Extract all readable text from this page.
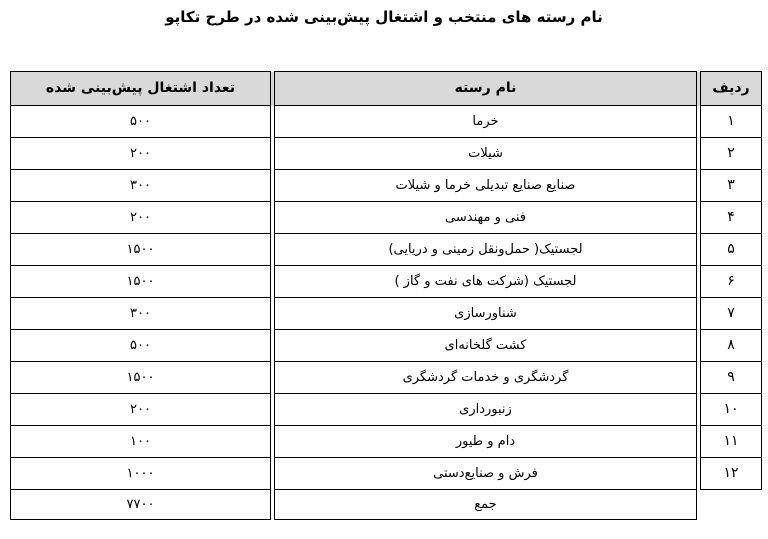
نام رسته های منتخب و اشتغال پیش‌بینی شده در طرح تکاپو
تعداد اشتغال پیش‌بینی شده		نام رسته		ردیف
۵۰۰		خرما		۱
۲۰۰		شیلات		۲
۳۰۰		صنایع صنایع تبدیلی خرما و شیلات		۳
۲۰۰		فنی و مهندسی		۴
۱۵۰۰		لجستیک( حمل‌ونقل زمینی و دریایی)		۵
۱۵۰۰		لجستیک (شرکت های نفت و گاز )		۶
۳۰۰		شناورسازی		۷
۵۰۰		کشت گلخانه‌ای		۸
۱۵۰۰		گردشگری و خدمات گردشگری		۹
۲۰۰		زنبورداری		۱۰
۱۰۰		دام و طیور		۱۱
۱۰۰۰		فرش و صنایع‌دستی		۱۲
۷۷۰۰		جمع		
